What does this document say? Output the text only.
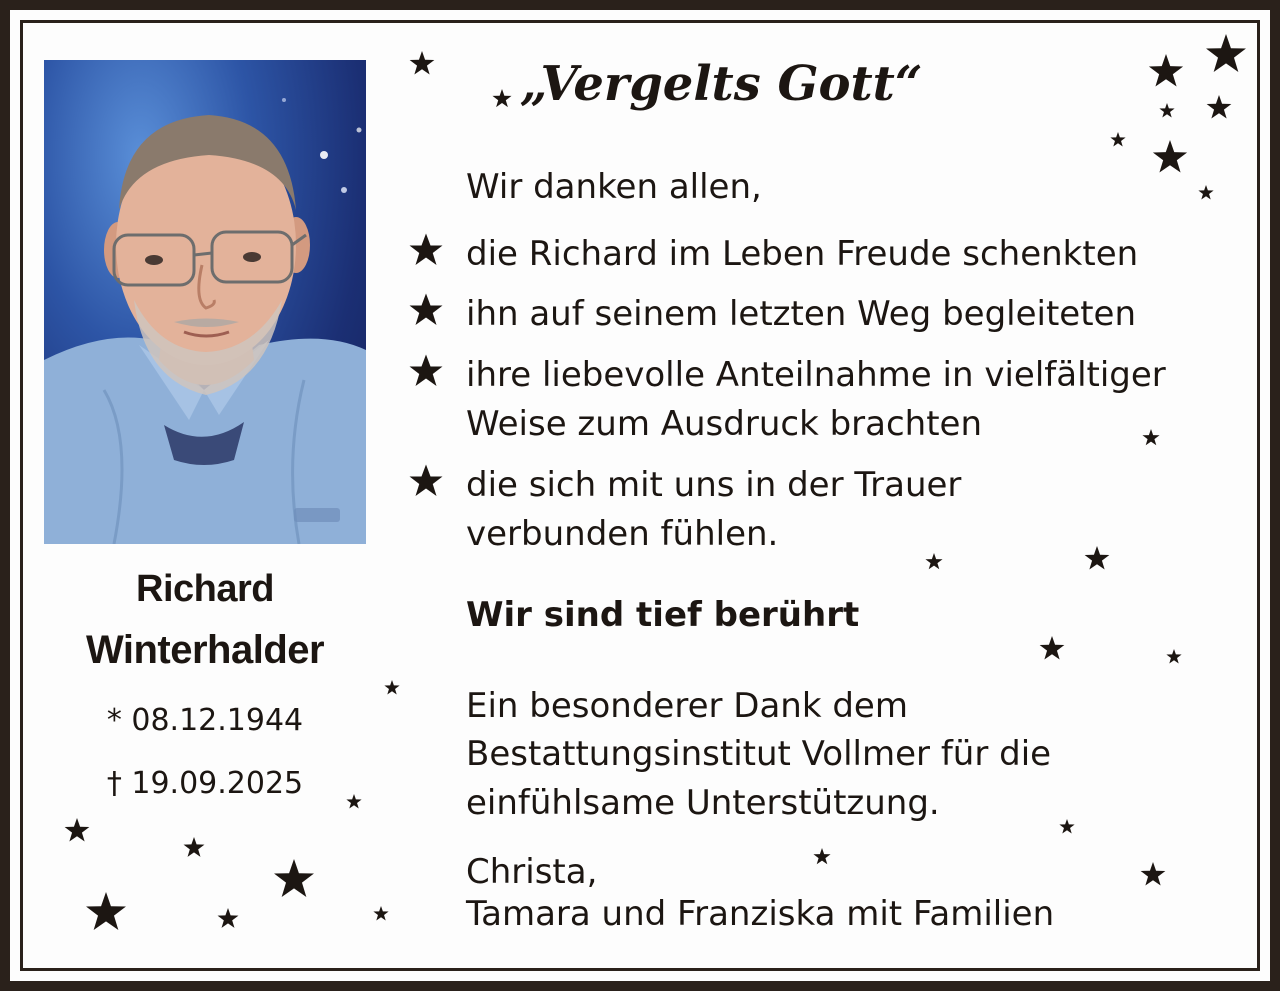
Richard
Winterhalder
* 08.12.1944
† 19.09.2025
„Vergelts Gott“
Wir danken allen,
die Richard im Leben Freude schenkten
ihn auf seinem letzten Weg begleiteten
ihre liebevolle Anteilnahme in vielfältiger
Weise zum Ausdruck brachten
die sich mit uns in der Trauer
verbunden fühlen.
Wir sind tief berührt
Ein besonderer Dank dem
Bestattungsinstitut Vollmer für die
einfühlsame Unterstützung.
Christa,
Tamara und Franziska mit Familien
